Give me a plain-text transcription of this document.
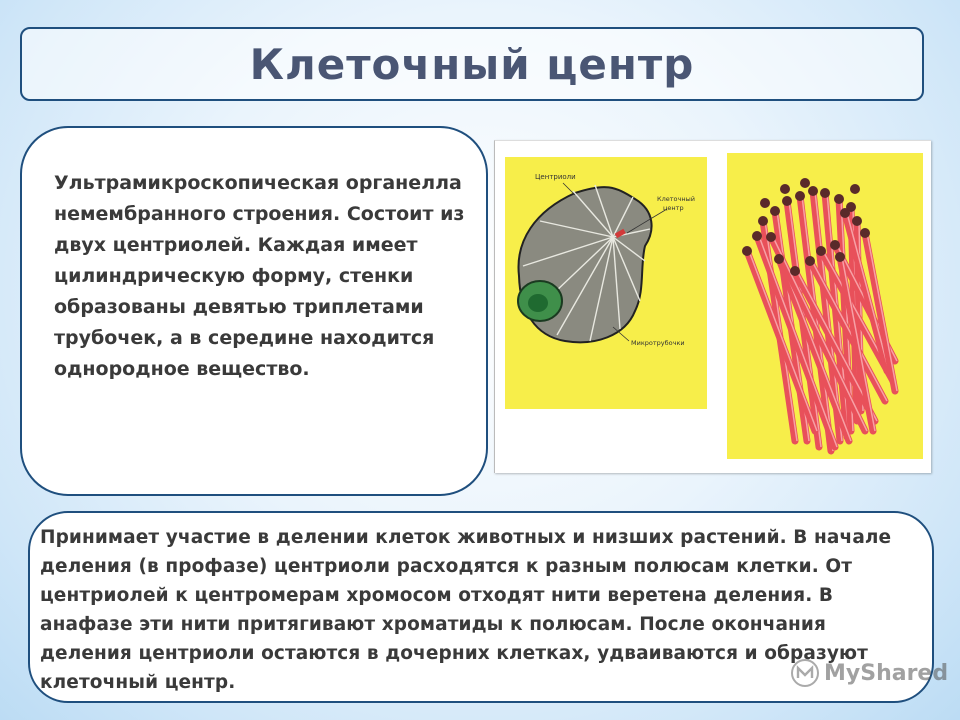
Клеточный центр

Ультрамикроскопическая органелла немембранного строения. Состоит из двух центриолей. Каждая имеет цилиндрическую форму, стенки образованы девятью триплетами трубочек, а в середине находится однородное вещество.

Центриоли
Клеточный
центр
Микротрубочки

Принимает участие в делении клеток животных и низших растений. В начале деления (в профазе) центриоли расходятся к разным полюсам клетки. От центриолей к центромерам хромосом отходят нити веретена деления. В анафазе эти нити притягивают хроматиды к полюсам. После окончания деления центриоли остаются в дочерних клетках, удваиваются и образуют клеточный центр.	MyShared
